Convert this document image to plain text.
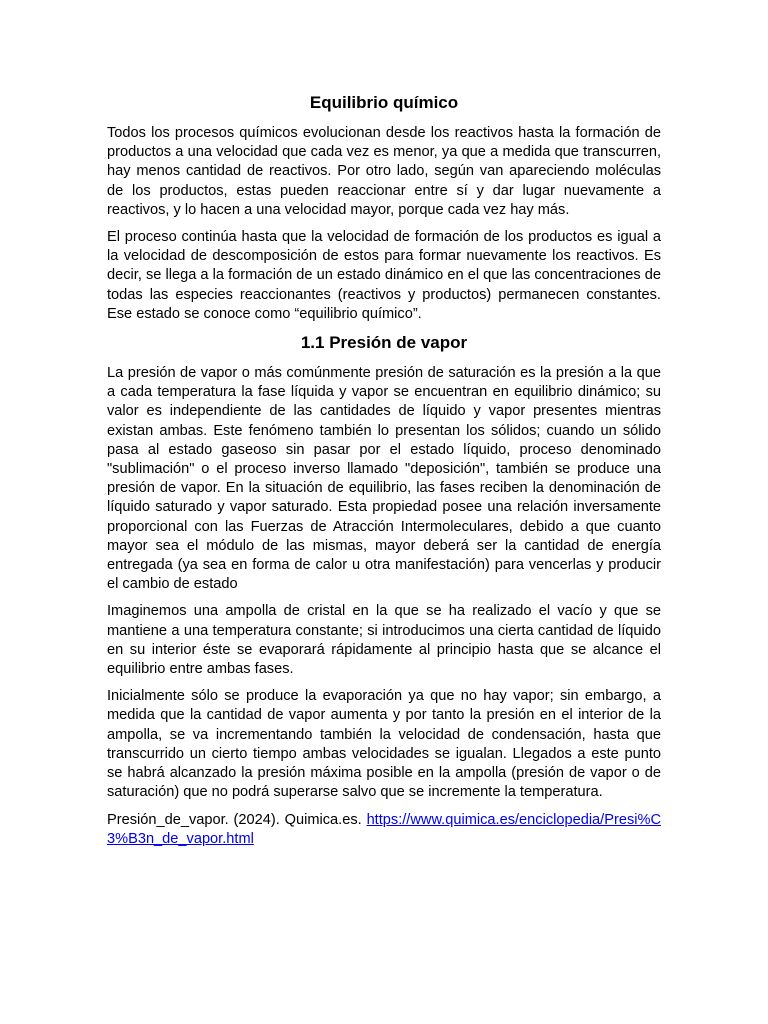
Equilibrio químico

Todos los procesos químicos evolucionan desde los reactivos hasta la formación de productos a una velocidad que cada vez es menor, ya que a medida que transcurren, hay menos cantidad de reactivos. Por otro lado, según van apareciendo moléculas de los productos, estas pueden reaccionar entre sí y dar lugar nuevamente a reactivos, y lo hacen a una velocidad mayor, porque cada vez hay más.

El proceso continúa hasta que la velocidad de formación de los productos es igual a la velocidad de descomposición de estos para formar nuevamente los reactivos. Es decir, se llega a la formación de un estado dinámico en el que las concentraciones de todas las especies reaccionantes (reactivos y productos) permanecen constantes. Ese estado se conoce como “equilibrio químico”.

1.1 Presión de vapor

La presión de vapor o más comúnmente presión de saturación es la presión a la que a cada temperatura la fase líquida y vapor se encuentran en equilibrio dinámico; su valor es independiente de las cantidades de líquido y vapor presentes mientras existan ambas. Este fenómeno también lo presentan los sólidos; cuando un sólido pasa al estado gaseoso sin pasar por el estado líquido, proceso denominado "sublimación" o el proceso inverso llamado "deposición", también se produce una presión de vapor. En la situación de equilibrio, las fases reciben la denominación de líquido saturado y vapor saturado. Esta propiedad posee una relación inversamente proporcional con las Fuerzas de Atracción Intermoleculares, debido a que cuanto mayor sea el módulo de las mismas, mayor deberá ser la cantidad de energía entregada (ya sea en forma de calor u otra manifestación) para vencerlas y producir el cambio de estado

Imaginemos una ampolla de cristal en la que se ha realizado el vacío y que se mantiene a una temperatura constante; si introducimos una cierta cantidad de líquido en su interior éste se evaporará rápidamente al principio hasta que se alcance el equilibrio entre ambas fases.

Inicialmente sólo se produce la evaporación ya que no hay vapor; sin embargo, a medida que la cantidad de vapor aumenta y por tanto la presión en el interior de la ampolla, se va incrementando también la velocidad de condensación, hasta que transcurrido un cierto tiempo ambas velocidades se igualan. Llegados a este punto se habrá alcanzado la presión máxima posible en la ampolla (presión de vapor o de saturación) que no podrá superarse salvo que se incremente la temperatura.

Presión_de_vapor. (2024). Quimica.es. https://www.quimica.es/enciclopedia/Presi%C3%B3n_de_vapor.html
